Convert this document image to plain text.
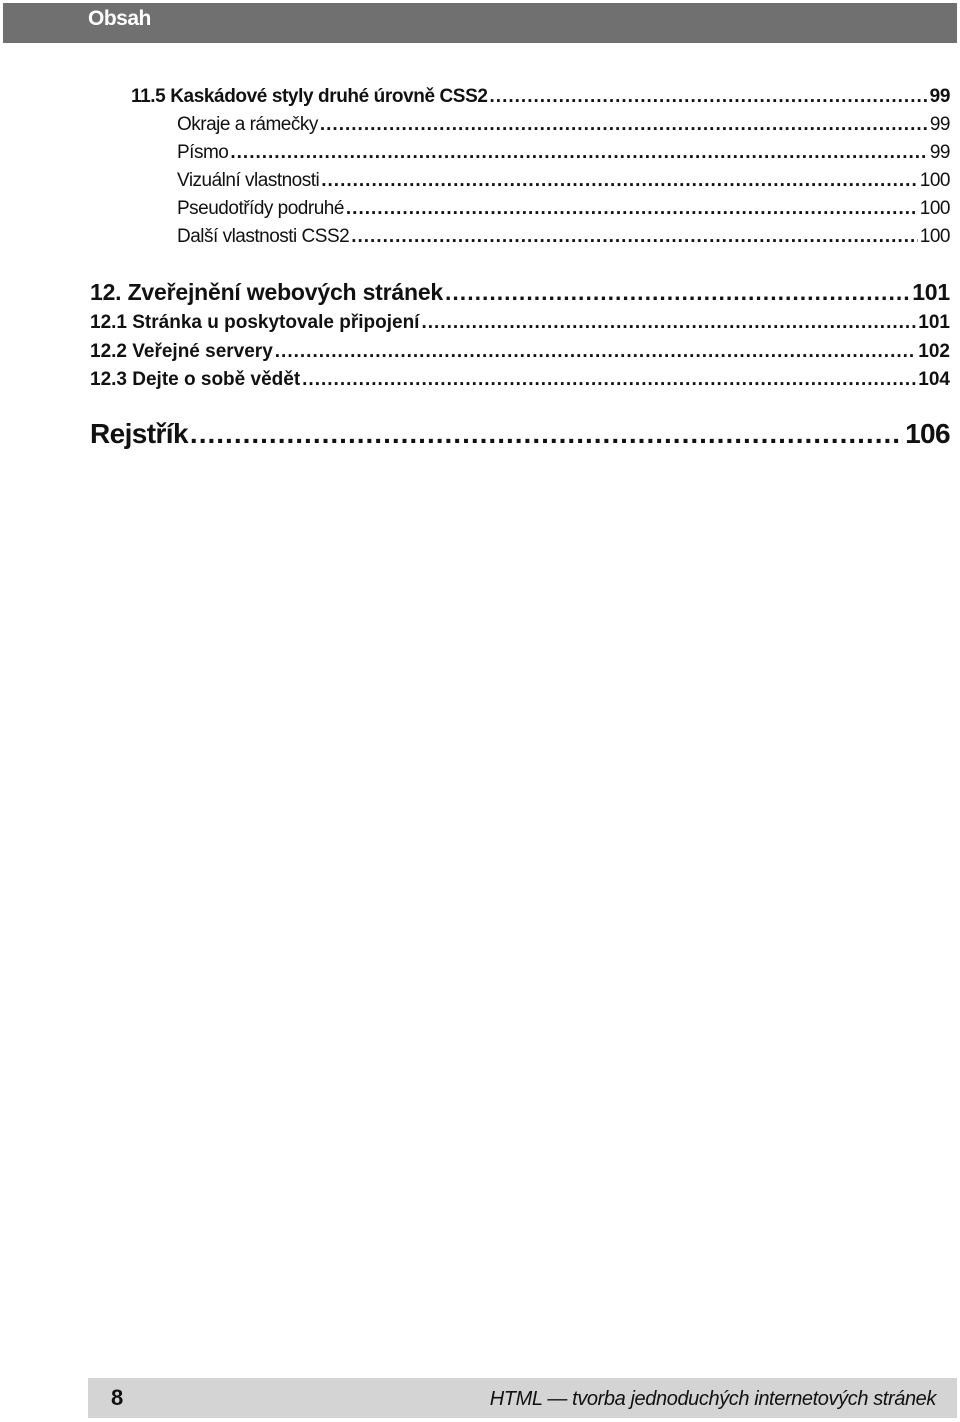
Obsah
11.5 Kaskádové styly druhé úrovně CSS2 .....	99
Okraje a rámečky .....	99
Písmo .....	99
Vizuální vlastnosti .....	100
Pseudotřídy podruhé .....	100
Další vlastnosti CSS2 .....	100
12. Zveřejnění webových stránek .....	101
12.1 Stránka u poskytovale připojení .....	101
12.2 Veřejné servery .....	102
12.3 Dejte o sobě vědět .....	104
Rejstřík .....	106
8	HTML — tvorba jednoduchých internetových stránek
